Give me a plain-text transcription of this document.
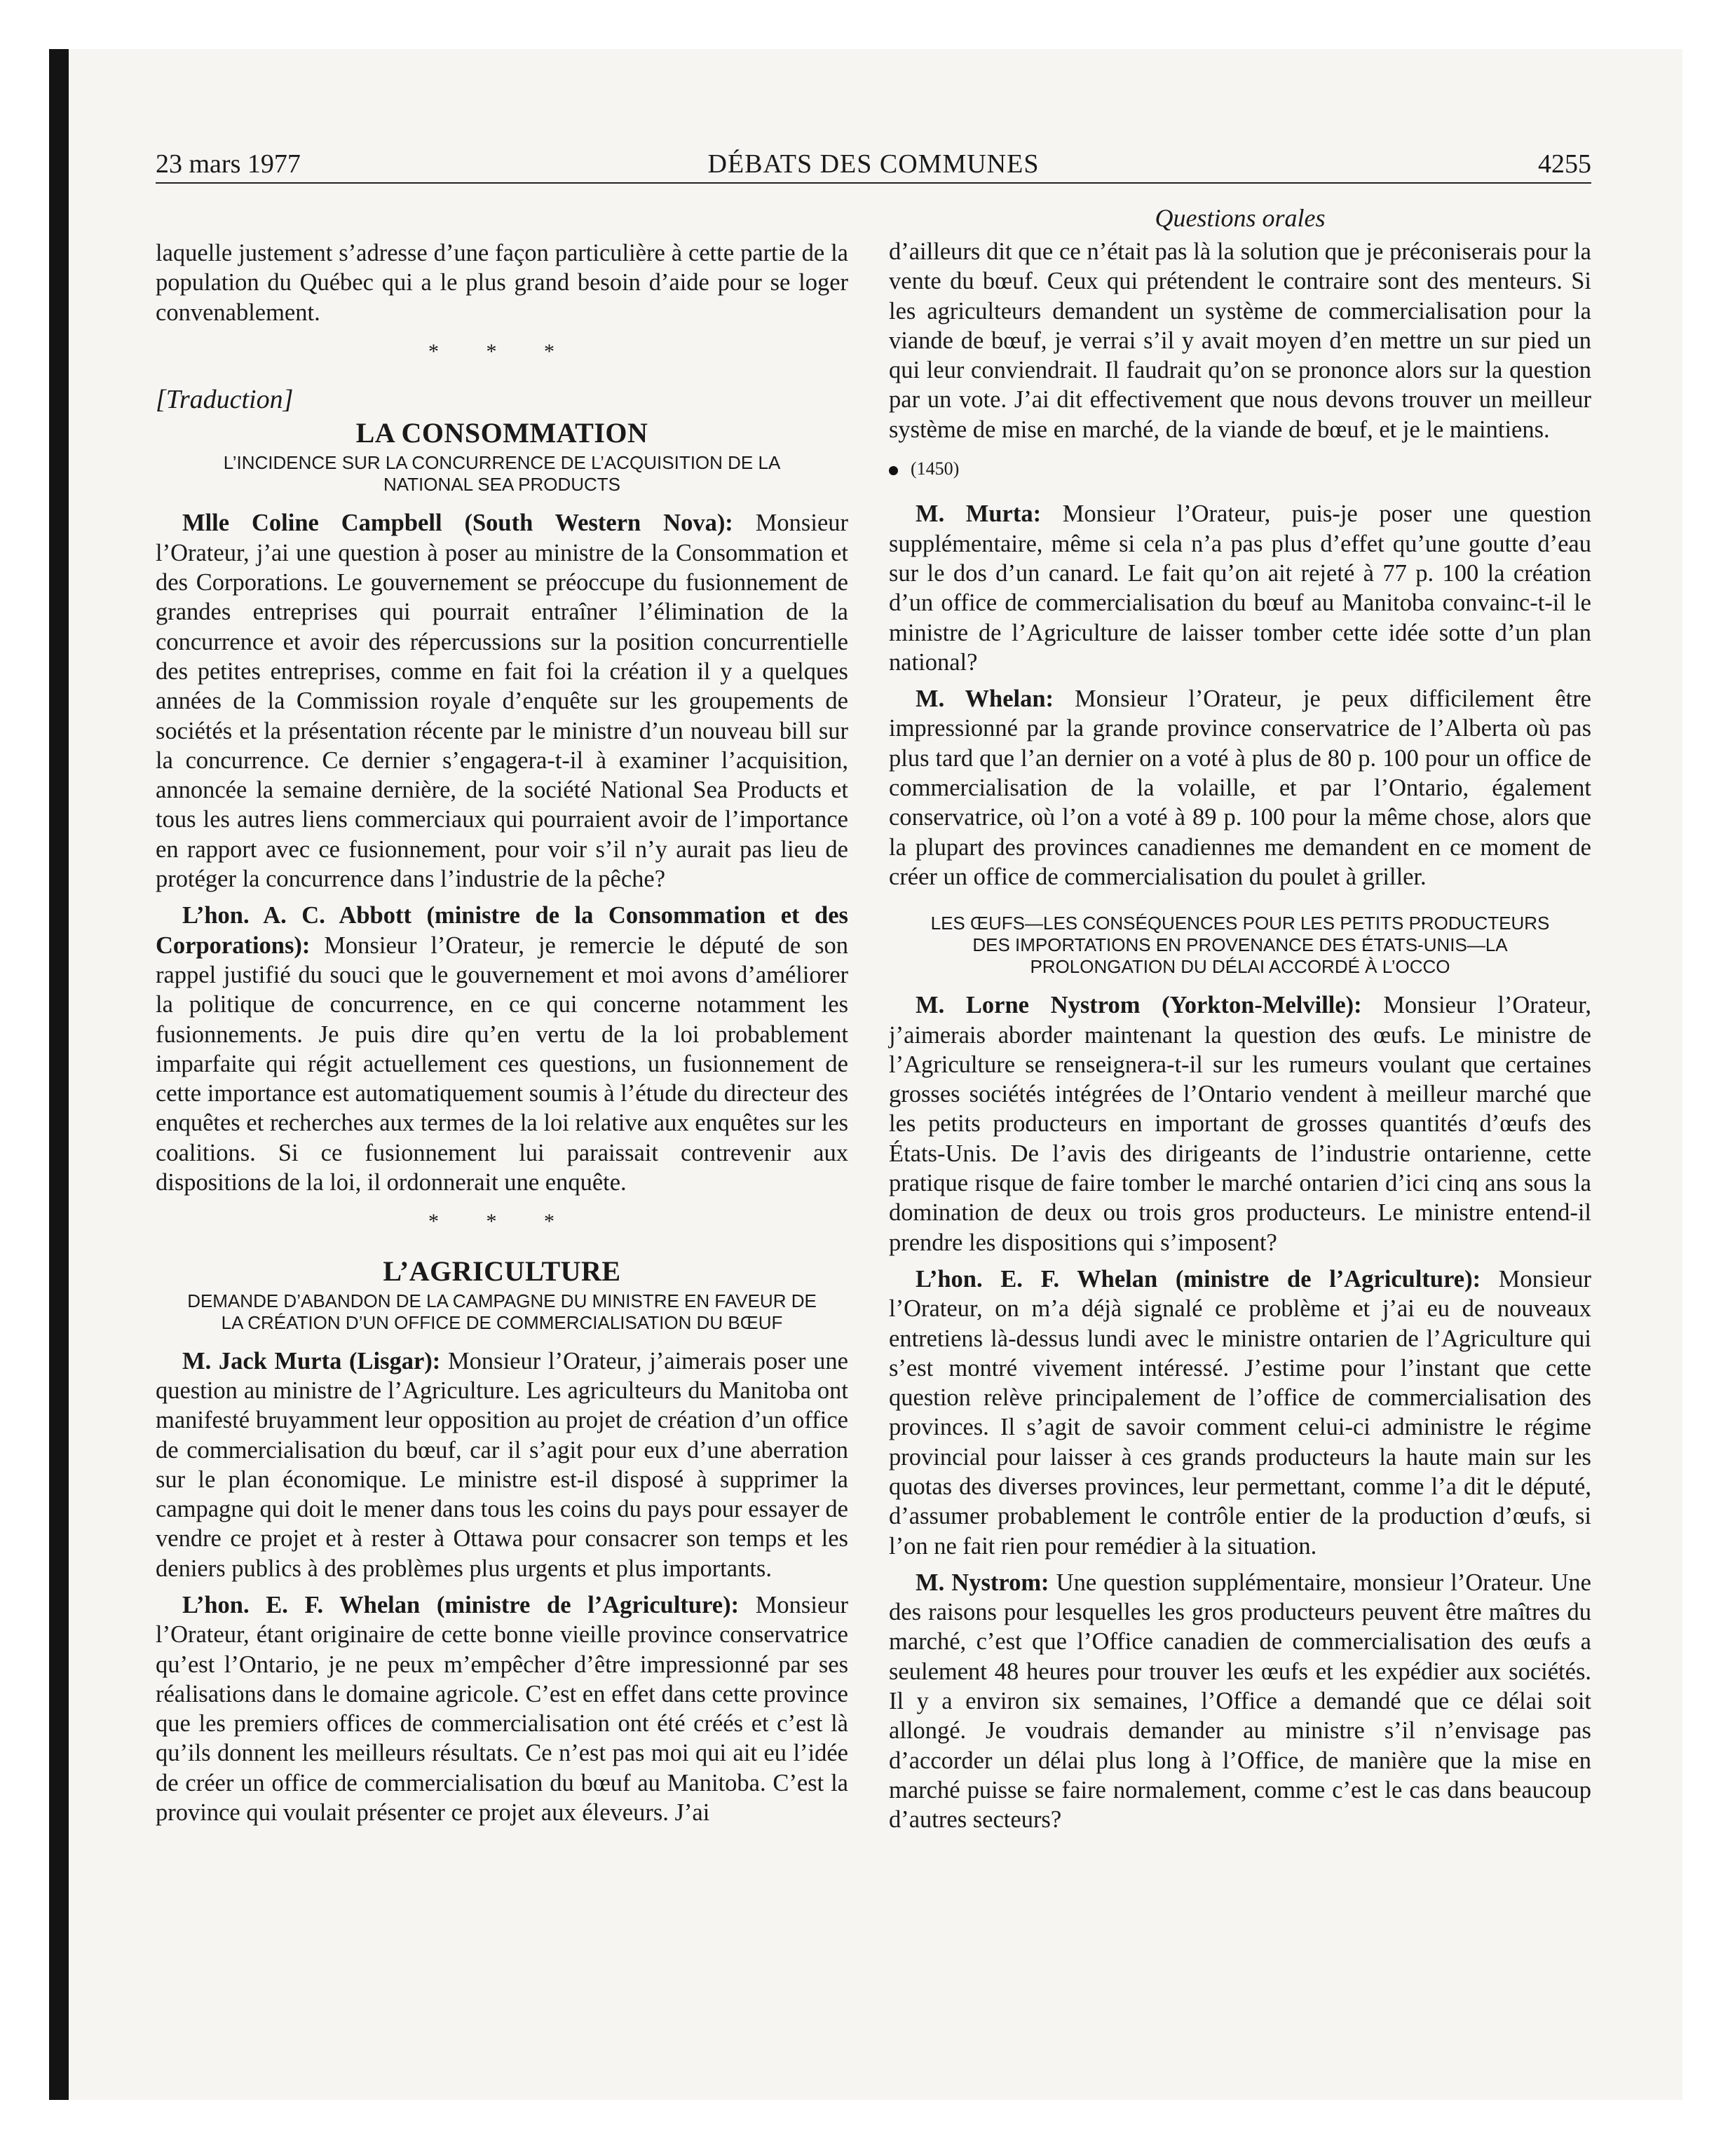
23 mars 1977	DÉBATS DES COMMUNES	4255

laquelle justement s’adresse d’une façon particulière à cette partie de la population du Québec qui a le plus grand besoin d’aide pour se loger convenablement.

* * *
[Traduction]
LA CONSOMMATION
L’INCIDENCE SUR LA CONCURRENCE DE L’ACQUISITION DE LA NATIONAL SEA PRODUCTS

Mlle Coline Campbell (South Western Nova): Monsieur l’Orateur, j’ai une question à poser au ministre de la Consommation et des Corporations. Le gouvernement se préoccupe du fusionnement de grandes entreprises qui pourrait entraîner l’élimination de la concurrence et avoir des répercussions sur la position concurrentielle des petites entreprises, comme en fait foi la création il y a quelques années de la Commission royale d’enquête sur les groupements de sociétés et la présentation récente par le ministre d’un nouveau bill sur la concurrence. Ce dernier s’engagera-t-il à examiner l’acquisition, annoncée la semaine dernière, de la société National Sea Products et tous les autres liens commerciaux qui pourraient avoir de l’importance en rapport avec ce fusionnement, pour voir s’il n’y aurait pas lieu de protéger la concurrence dans l’industrie de la pêche?

L’hon. A. C. Abbott (ministre de la Consommation et des Corporations): Monsieur l’Orateur, je remercie le député de son rappel justifié du souci que le gouvernement et moi avons d’améliorer la politique de concurrence, en ce qui concerne notamment les fusionnements. Je puis dire qu’en vertu de la loi probablement imparfaite qui régit actuellement ces questions, un fusionnement de cette importance est automatiquement soumis à l’étude du directeur des enquêtes et recherches aux termes de la loi relative aux enquêtes sur les coalitions. Si ce fusionnement lui paraissait contrevenir aux dispositions de la loi, il ordonnerait une enquête.

* * *
L’AGRICULTURE
DEMANDE D’ABANDON DE LA CAMPAGNE DU MINISTRE EN FAVEUR DE LA CRÉATION D’UN OFFICE DE COMMERCIALISATION DU BŒUF

M. Jack Murta (Lisgar): Monsieur l’Orateur, j’aimerais poser une question au ministre de l’Agriculture. Les agriculteurs du Manitoba ont manifesté bruyamment leur opposition au projet de création d’un office de commercialisation du bœuf, car il s’agit pour eux d’une aberration sur le plan économique. Le ministre est-il disposé à supprimer la campagne qui doit le mener dans tous les coins du pays pour essayer de vendre ce projet et à rester à Ottawa pour consacrer son temps et les deniers publics à des problèmes plus urgents et plus importants.

L’hon. E. F. Whelan (ministre de l’Agriculture): Monsieur l’Orateur, étant originaire de cette bonne vieille province conservatrice qu’est l’Ontario, je ne peux m’empêcher d’être impressionné par ses réalisations dans le domaine agricole. C’est en effet dans cette province que les premiers offices de commercialisation ont été créés et c’est là qu’ils donnent les meilleurs résultats. Ce n’est pas moi qui ait eu l’idée de créer un office de commercialisation du bœuf au Manitoba. C’est la province qui voulait présenter ce projet aux éleveurs. J’ai

Questions orales

d’ailleurs dit que ce n’était pas là la solution que je préconiserais pour la vente du bœuf. Ceux qui prétendent le contraire sont des menteurs. Si les agriculteurs demandent un système de commercialisation pour la viande de bœuf, je verrai s’il y avait moyen d’en mettre un sur pied un qui leur conviendrait. Il faudrait qu’on se prononce alors sur la question par un vote. J’ai dit effectivement que nous devons trouver un meilleur système de mise en marché, de la viande de bœuf, et je le maintiens.

(1450)

M. Murta: Monsieur l’Orateur, puis-je poser une question supplémentaire, même si cela n’a pas plus d’effet qu’une goutte d’eau sur le dos d’un canard. Le fait qu’on ait rejeté à 77 p. 100 la création d’un office de commercialisation du bœuf au Manitoba convainc-t-il le ministre de l’Agriculture de laisser tomber cette idée sotte d’un plan national?

M. Whelan: Monsieur l’Orateur, je peux difficilement être impressionné par la grande province conservatrice de l’Alberta où pas plus tard que l’an dernier on a voté à plus de 80 p. 100 pour un office de commercialisation de la volaille, et par l’Ontario, également conservatrice, où l’on a voté à 89 p. 100 pour la même chose, alors que la plupart des provinces canadiennes me demandent en ce moment de créer un office de commercialisation du poulet à griller.

LES ŒUFS—LES CONSÉQUENCES POUR LES PETITS PRODUCTEURS DES IMPORTATIONS EN PROVENANCE DES ÉTATS-UNIS—LA PROLONGATION DU DÉLAI ACCORDÉ À L’OCCO

M. Lorne Nystrom (Yorkton-Melville): Monsieur l’Orateur, j’aimerais aborder maintenant la question des œufs. Le ministre de l’Agriculture se renseignera-t-il sur les rumeurs voulant que certaines grosses sociétés intégrées de l’Ontario vendent à meilleur marché que les petits producteurs en important de grosses quantités d’œufs des États-Unis. De l’avis des dirigeants de l’industrie ontarienne, cette pratique risque de faire tomber le marché ontarien d’ici cinq ans sous la domination de deux ou trois gros producteurs. Le ministre entend-il prendre les dispositions qui s’imposent?

L’hon. E. F. Whelan (ministre de l’Agriculture): Monsieur l’Orateur, on m’a déjà signalé ce problème et j’ai eu de nouveaux entretiens là-dessus lundi avec le ministre ontarien de l’Agriculture qui s’est montré vivement intéressé. J’estime pour l’instant que cette question relève principalement de l’office de commercialisation des provinces. Il s’agit de savoir comment celui-ci administre le régime provincial pour laisser à ces grands producteurs la haute main sur les quotas des diverses provinces, leur permettant, comme l’a dit le député, d’assumer probablement le contrôle entier de la production d’œufs, si l’on ne fait rien pour remédier à la situation.

M. Nystrom: Une question supplémentaire, monsieur l’Orateur. Une des raisons pour lesquelles les gros producteurs peuvent être maîtres du marché, c’est que l’Office canadien de commercialisation des œufs a seulement 48 heures pour trouver les œufs et les expédier aux sociétés. Il y a environ six semaines, l’Office a demandé que ce délai soit allongé. Je voudrais demander au ministre s’il n’envisage pas d’accorder un délai plus long à l’Office, de manière que la mise en marché puisse se faire normalement, comme c’est le cas dans beaucoup d’autres secteurs?
